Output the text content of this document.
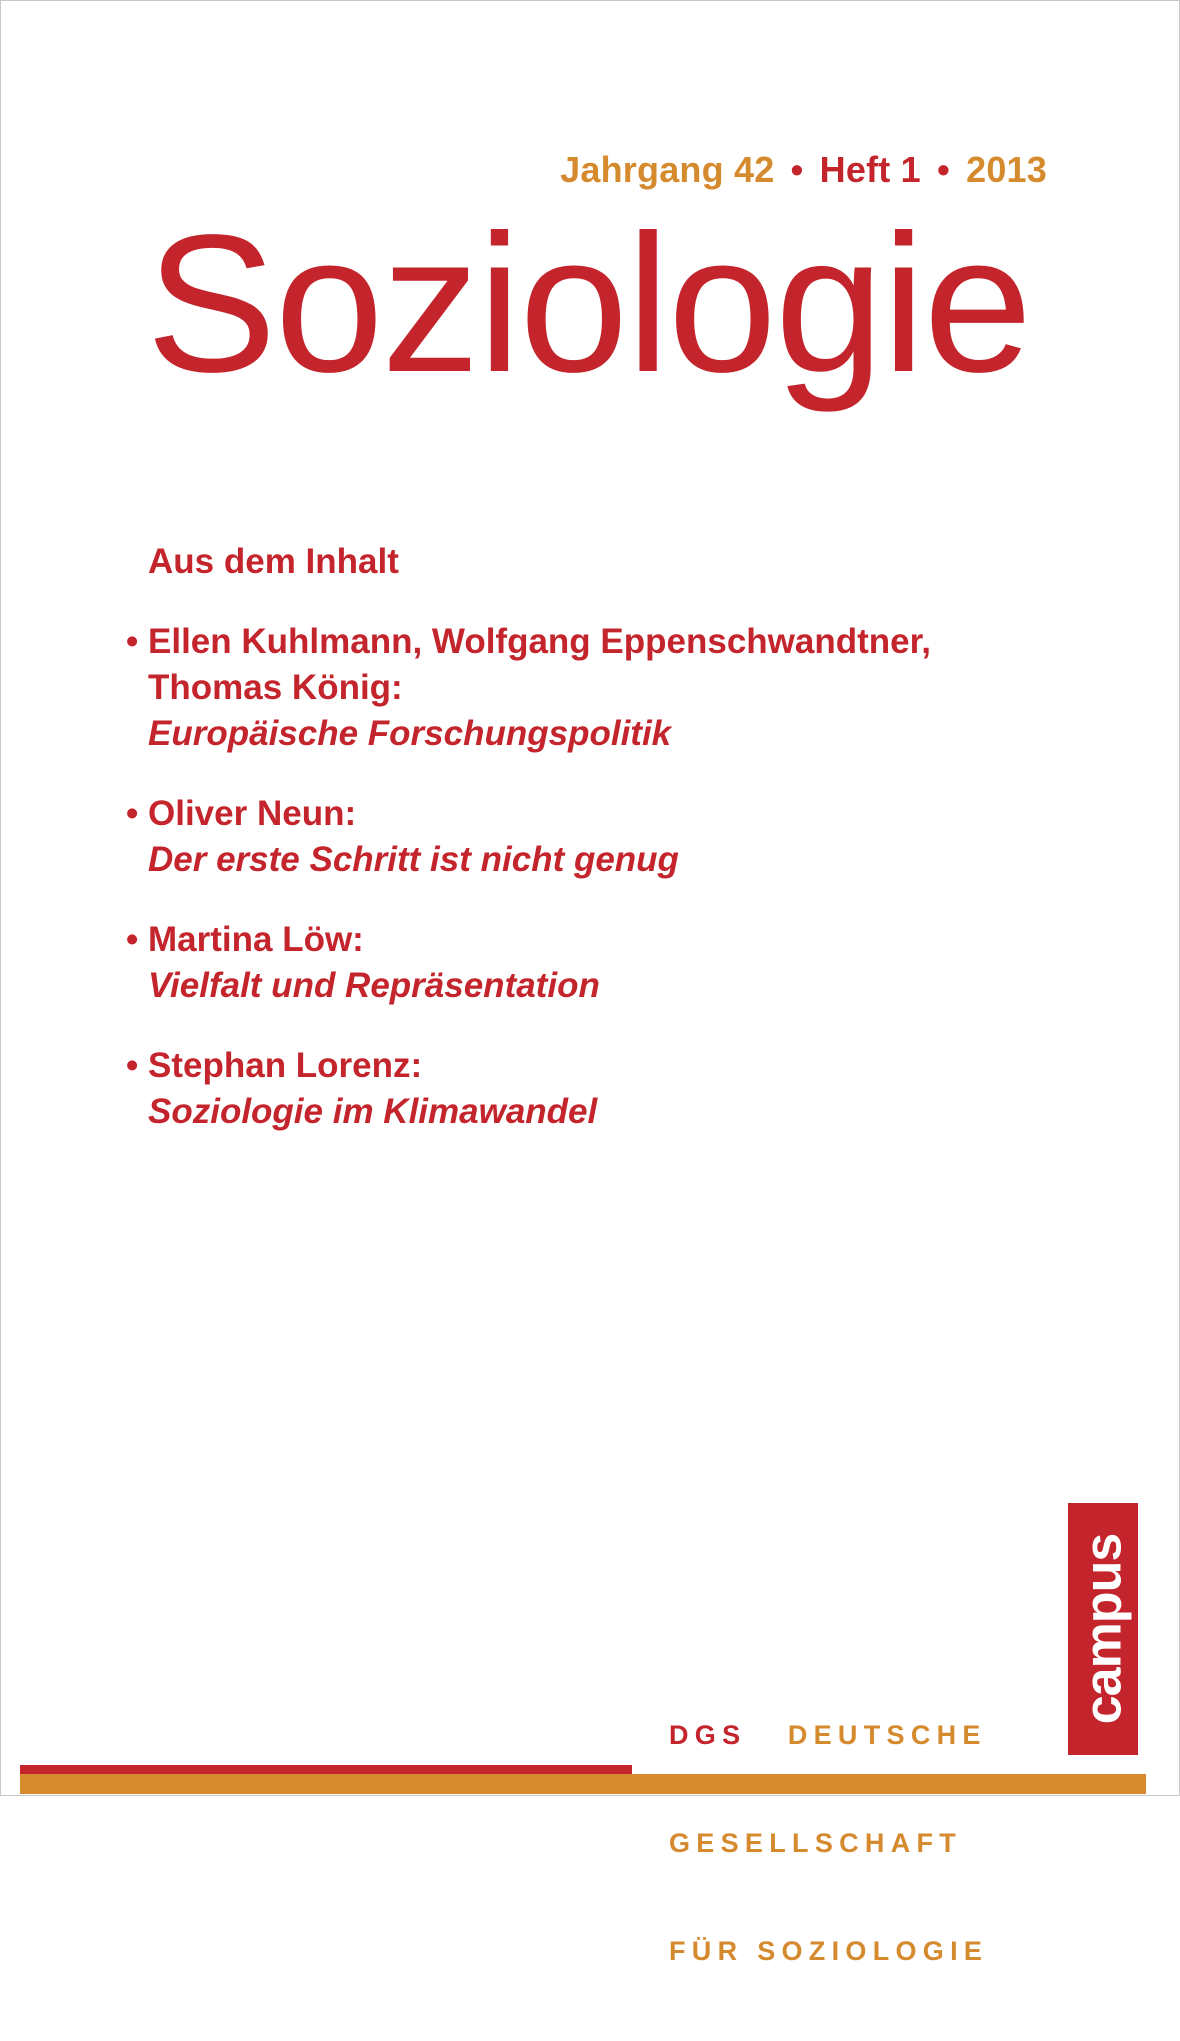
Jahrgang 42 • Heft 1 • 2013
Soziologie
Aus dem Inhalt
• Ellen Kuhlmann, Wolfgang Eppenschwandtner,
Thomas König:
Europäische Forschungspolitik
• Oliver Neun:
Der erste Schritt ist nicht genug
• Martina Löw:
Vielfalt und Repräsentation
• Stephan Lorenz:
Soziologie im Klimawandel

DGS DEUTSCHE

GESELLSCHAFT

FÜR SOZIOLOGIE

campus
